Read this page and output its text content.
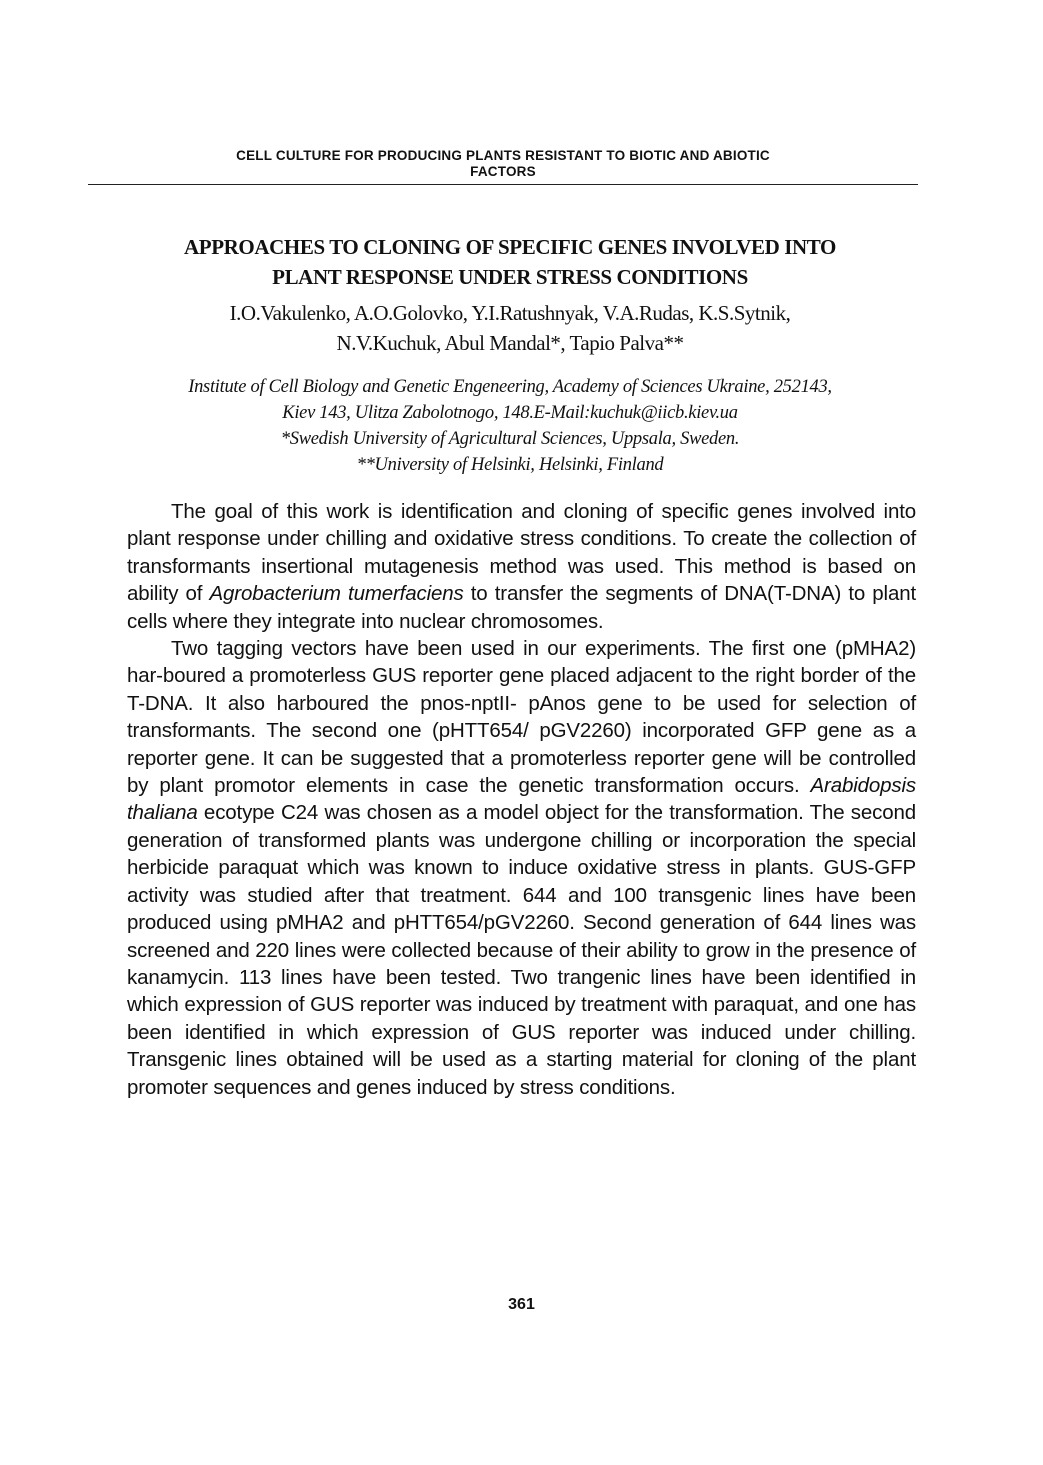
CELL CULTURE FOR PRODUCING PLANTS RESISTANT TO BIOTIC AND ABIOTIC
FACTORS
APPROACHES TO CLONING OF SPECIFIC GENES INVOLVED INTO
PLANT RESPONSE UNDER STRESS CONDITIONS
I.O.Vakulenko, A.O.Golovko, Y.I.Ratushnyak, V.A.Rudas, K.S.Sytnik,
N.V.Kuchuk, Abul Mandal*, Tapio Palva**
Institute of Cell Biology and Genetic Engeneering, Academy of Sciences Ukraine, 252143,
Kiev 143, Ulitza Zabolotnogo, 148.E-Mail:kuchuk@iicb.kiev.ua
*Swedish University of Agricultural Sciences, Uppsala, Sweden.
**University of Helsinki, Helsinki, Finland

The goal of this work is identification and cloning of specific genes involved into plant response under chilling and oxidative stress conditions. To create the collection of transformants insertional mutagenesis method was used. This method is based on ability of Agrobacterium tumerfaciens to transfer the segments of DNA(T-DNA) to plant cells where they integrate into nuclear chromosomes.

Two tagging vectors have been used in our experiments. The first one (pMHA2) har-boured a promoterless GUS reporter gene placed adjacent to the right border of the T-DNA. It also harboured the pnos-nptII- pAnos gene to be used for selection of transformants. The second one (pHTT654/ pGV2260) incorporated GFP gene as a reporter gene. It can be suggested that a promoterless reporter gene will be controlled by plant promotor elements in case the genetic transformation occurs. Arabidopsis thaliana ecotype C24 was chosen as a model object for the transformation. The second generation of transformed plants was undergone chilling or incorporation the special herbicide paraquat which was known to induce oxidative stress in plants. GUS-GFP activity was studied after that treatment. 644 and 100 transgenic lines have been produced using pMHA2 and pHTT654/pGV2260. Second generation of 644 lines was screened and 220 lines were collected because of their ability to grow in the presence of kanamycin. 113 lines have been tested. Two trangenic lines have been identified in which expression of GUS reporter was induced by treatment with paraquat, and one has been identified in which expression of GUS reporter was induced under chilling. Transgenic lines obtained will be used as a starting material for cloning of the plant promoter sequences and genes induced by stress conditions.

361
